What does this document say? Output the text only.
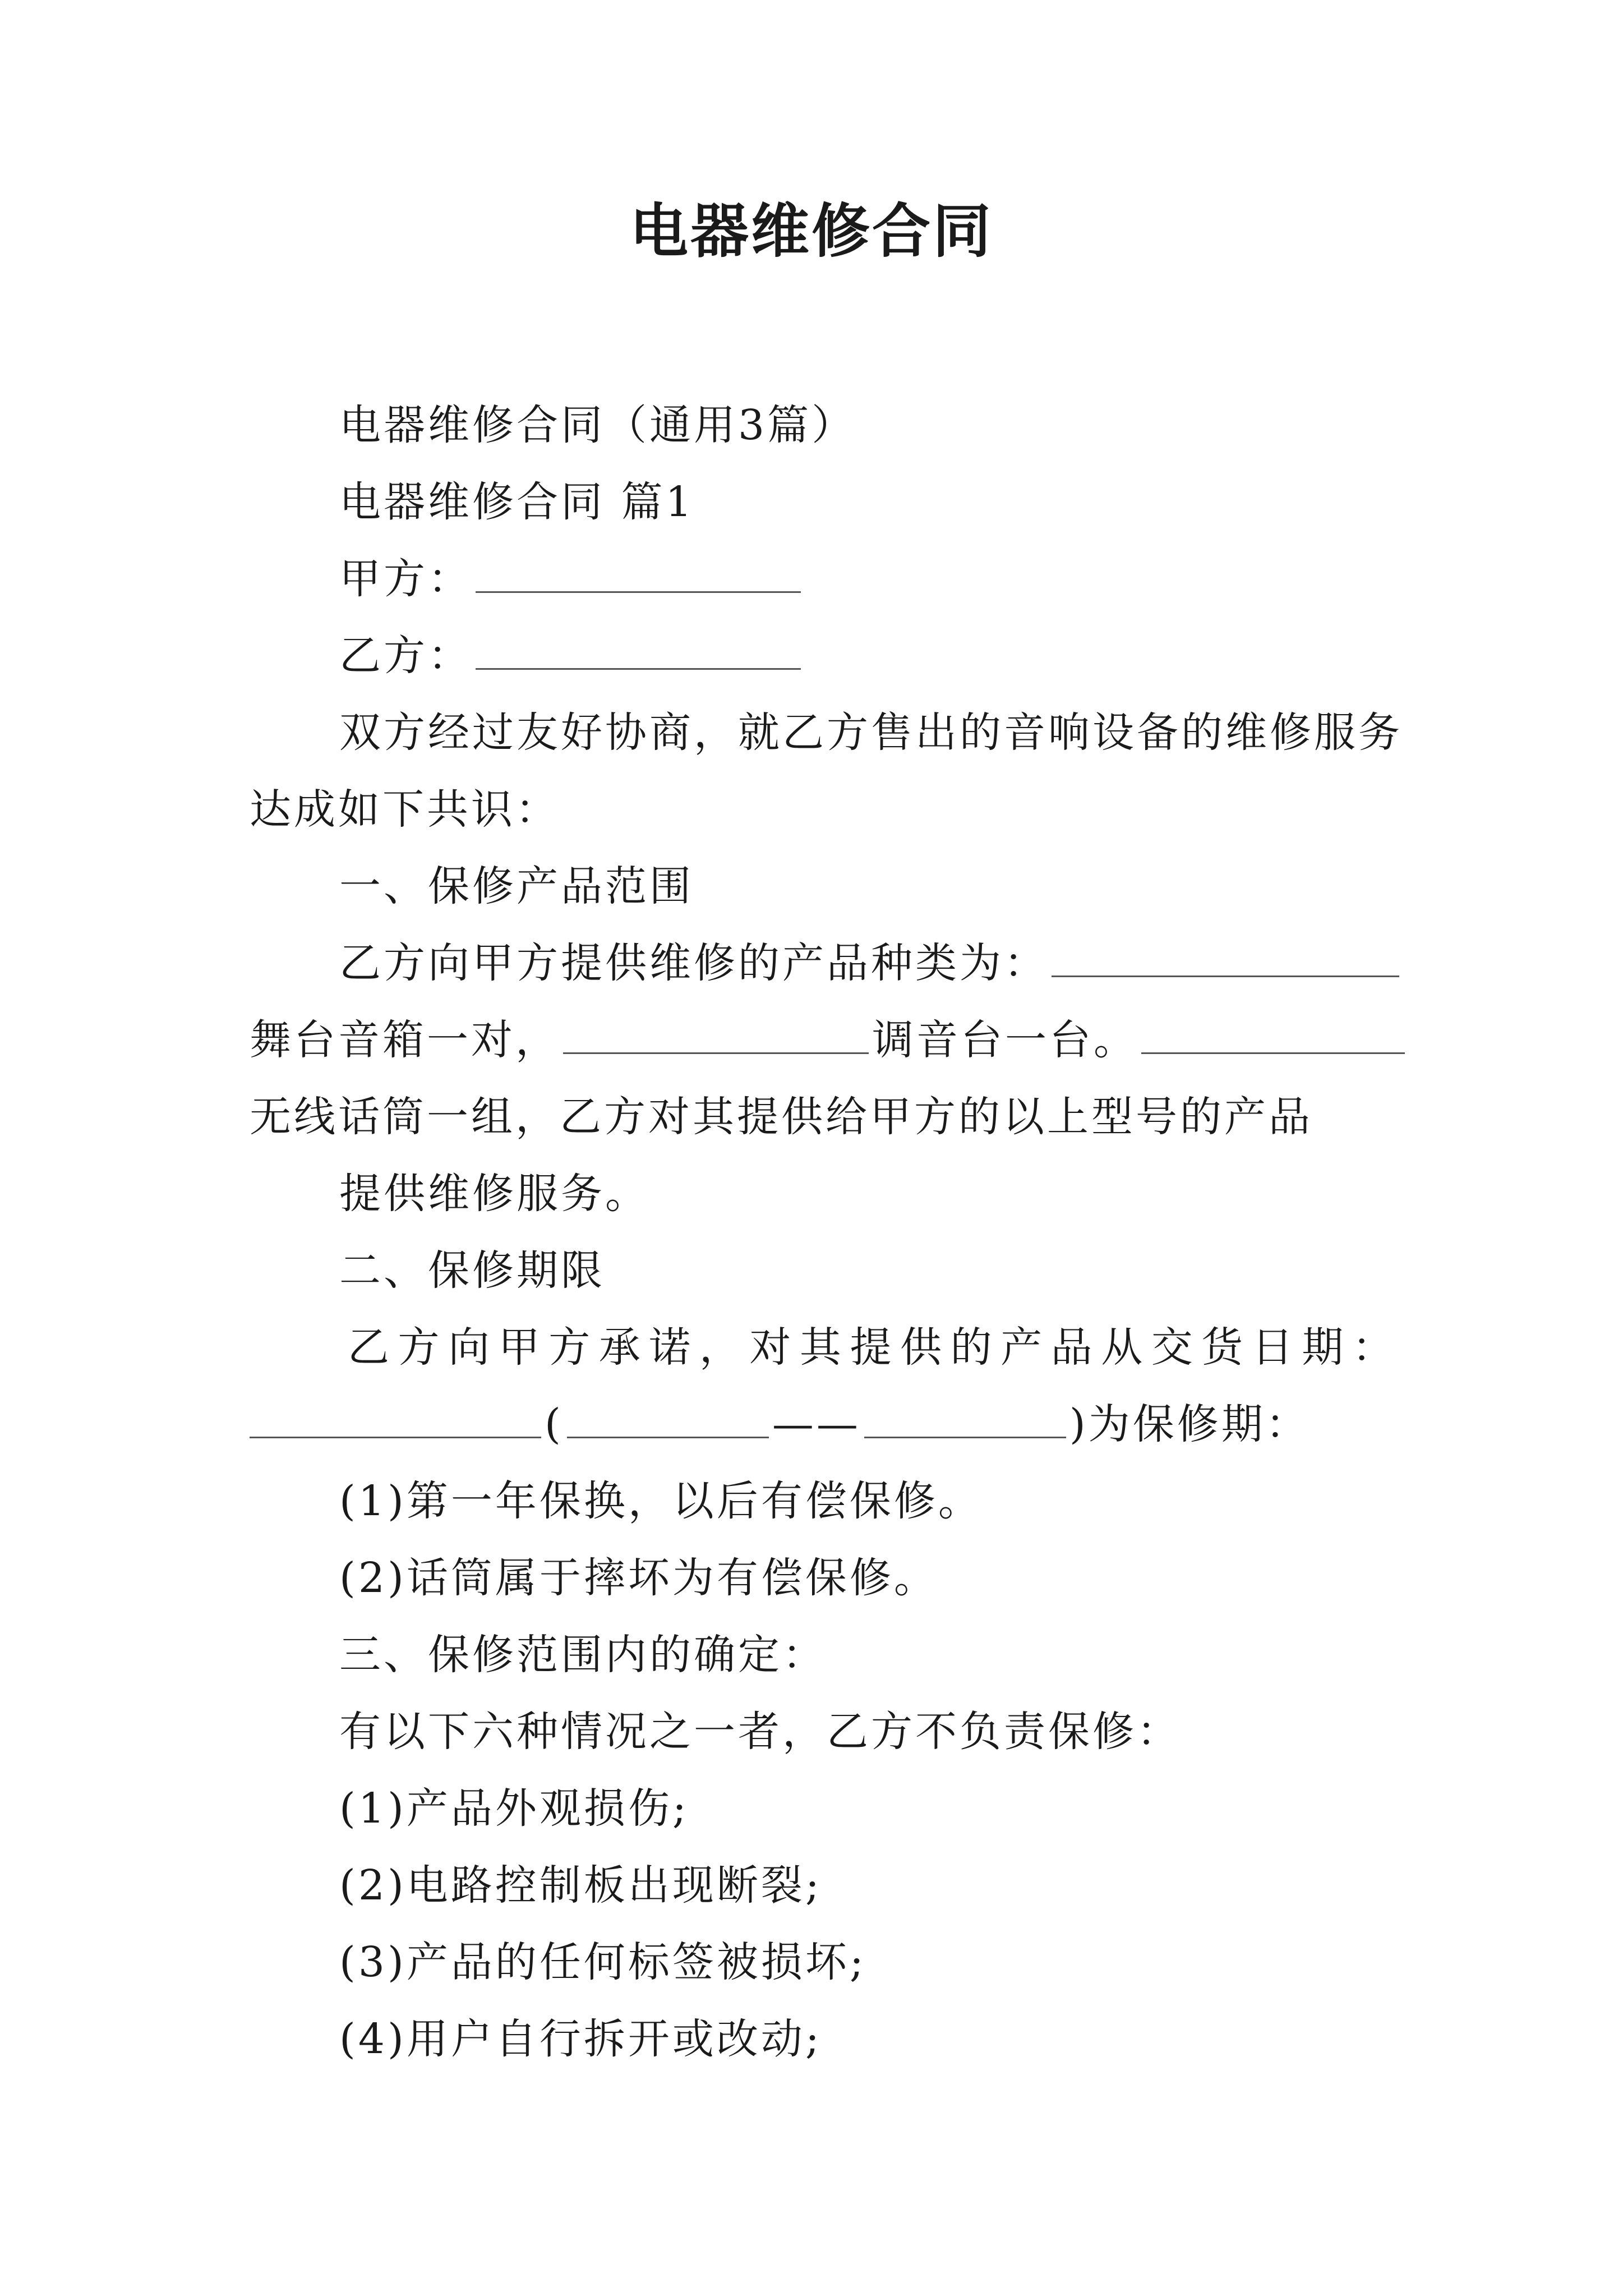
电器维修合同
电器维修合同（通用3篇）
电器维修合同 篇1
甲方：
乙方：
双方经过友好协商，就乙方售出的音响设备的维修服务
达成如下共识：
一、保修产品范围
乙方向甲方提供维修的产品种类为：
舞台音箱一对，	调音台一台。
无线话筒一组，乙方对其提供给甲方的以上型号的产品
提供维修服务。
二、保修期限
乙 方 向 甲 方 承 诺 ， 对 其 提 供 的 产 品 从 交 货 日 期 ：
(	——	)为保修期：
(1)第一年保换，以后有偿保修。
(2)话筒属于摔坏为有偿保修。
三、保修范围内的确定：
有以下六种情况之一者，乙方不负责保修：
(1)产品外观损伤;
(2)电路控制板出现断裂;
(3)产品的任何标签被损坏;
(4)用户自行拆开或改动;
